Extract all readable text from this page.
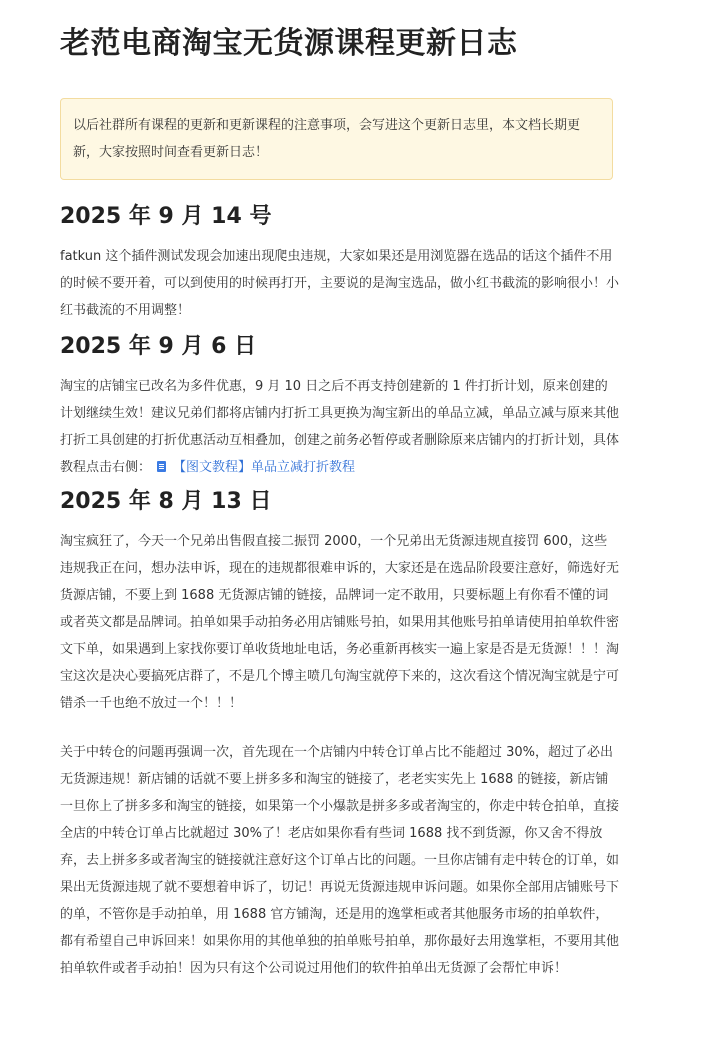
老范电商淘宝无货源课程更新日志
以后社群所有课程的更新和更新课程的注意事项，会写进这个更新日志里，本文档长期更新，大家按照时间查看更新日志！
2025 年 9 月 14 号

fatkun 这个插件测试发现会加速出现爬虫违规，大家如果还是用浏览器在选品的话这个插件不用的时候不要开着，可以到使用的时候再打开，主要说的是淘宝选品，做小红书截流的影响很小！小红书截流的不用调整！

2025 年 9 月 6 日

淘宝的店铺宝已改名为多件优惠，9 月 10 日之后不再支持创建新的 1 件打折计划，原来创建的计划继续生效！建议兄弟们都将店铺内打折工具更换为淘宝新出的单品立减，单品立减与原来其他打折工具创建的打折优惠活动互相叠加，创建之前务必暂停或者删除原来店铺内的打折计划，具体教程点击右侧： 【图文教程】单品立减打折教程

2025 年 8 月 13 日

淘宝疯狂了，今天一个兄弟出售假直接二振罚 2000，一个兄弟出无货源违规直接罚 600，这些违规我正在问，想办法申诉，现在的违规都很难申诉的，大家还是在选品阶段要注意好，筛选好无货源店铺，不要上到 1688 无货源店铺的链接，品牌词一定不敢用，只要标题上有你看不懂的词或者英文都是品牌词。拍单如果手动拍务必用店铺账号拍，如果用其他账号拍单请使用拍单软件密文下单，如果遇到上家找你要订单收货地址电话，务必重新再核实一遍上家是否是无货源！！！淘宝这次是决心要搞死店群了，不是几个博主喷几句淘宝就停下来的，这次看这个情况淘宝就是宁可错杀一千也绝不放过一个！！！

关于中转仓的问题再强调一次，首先现在一个店铺内中转仓订单占比不能超过 30%，超过了必出无货源违规！新店铺的话就不要上拼多多和淘宝的链接了，老老实实先上 1688 的链接，新店铺一旦你上了拼多多和淘宝的链接，如果第一个小爆款是拼多多或者淘宝的，你走中转仓拍单，直接全店的中转仓订单占比就超过 30%了！老店如果你看有些词 1688 找不到货源，你又舍不得放弃，去上拼多多或者淘宝的链接就注意好这个订单占比的问题。一旦你店铺有走中转仓的订单，如果出无货源违规了就不要想着申诉了，切记！再说无货源违规申诉问题。如果你全部用店铺账号下的单，不管你是手动拍单，用 1688 官方铺淘，还是用的逸掌柜或者其他服务市场的拍单软件，都有希望自己申诉回来！如果你用的其他单独的拍单账号拍单，那你最好去用逸掌柜，不要用其他拍单软件或者手动拍！因为只有这个公司说过用他们的软件拍单出无货源了会帮忙申诉！
